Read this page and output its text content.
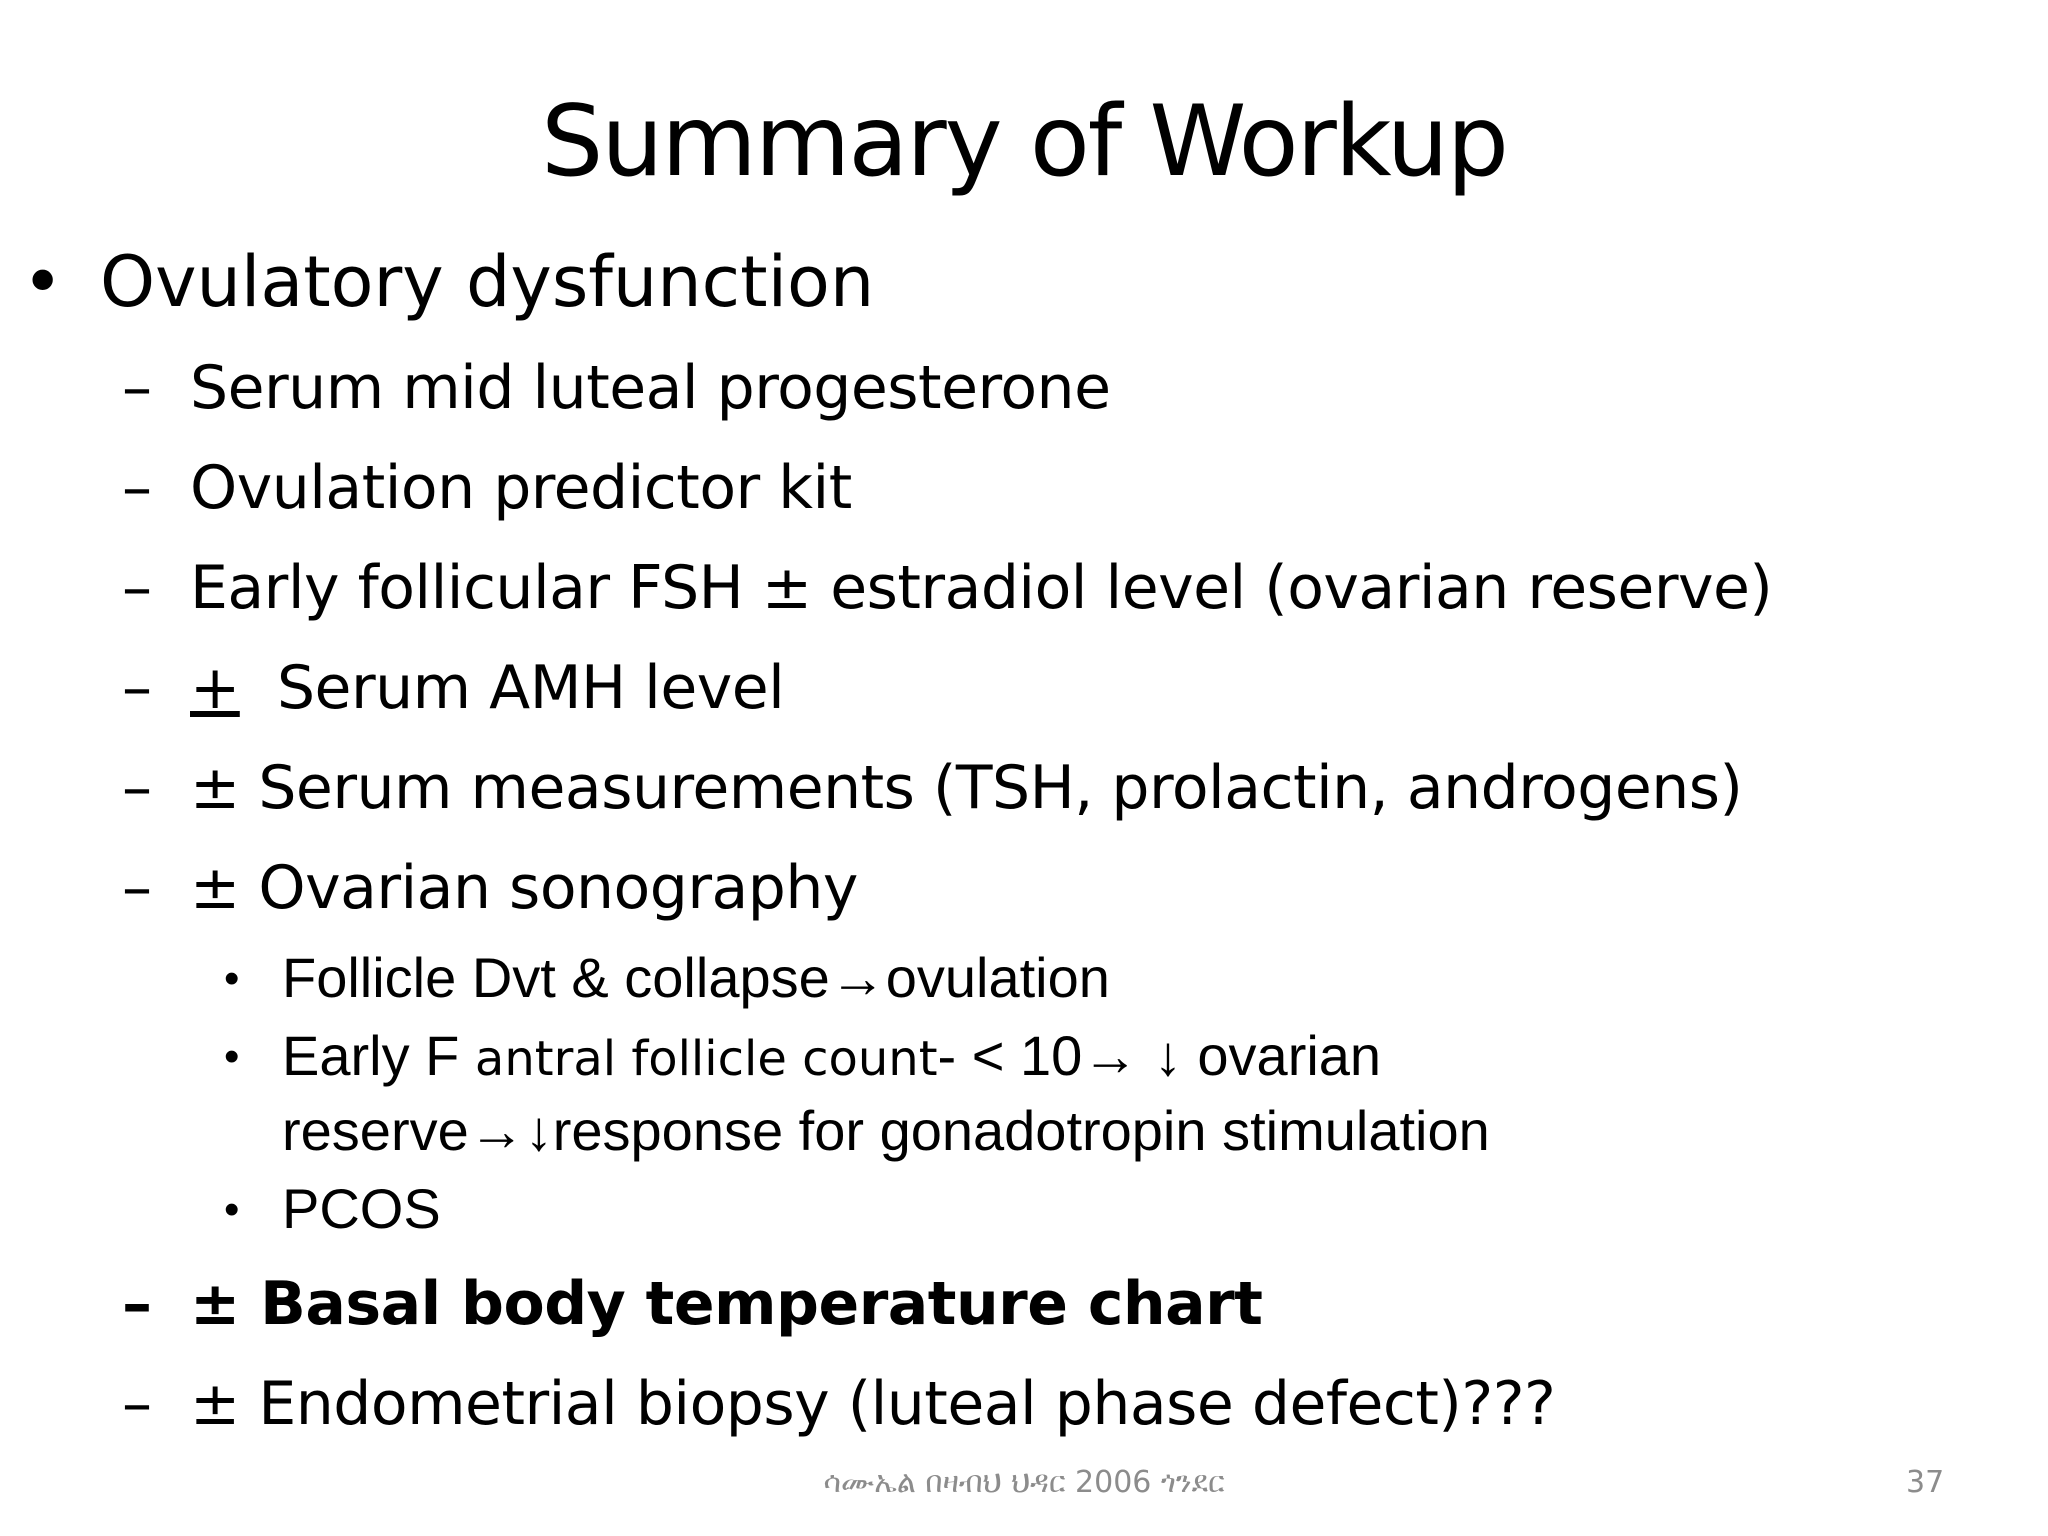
Summary of Workup
• Ovulatory dysfunction
– Serum mid luteal progesterone
– Ovulation predictor kit
– Early follicular FSH ± estradiol level (ovarian reserve)
– + Serum AMH level
– ± Serum measurements (TSH, prolactin, androgens)
– ± Ovarian sonography
• Follicle Dvt & collapse→ovulation
• Early F antral follicle count- < 10→ ↓ ovarian
reserve→↓response for gonadotropin stimulation
• PCOS
– ± Basal body temperature chart
– ± Endometrial biopsy (luteal phase defect)???
ሳሙኤል በዛብህ ህዳር 2006 ጎንደር	37
